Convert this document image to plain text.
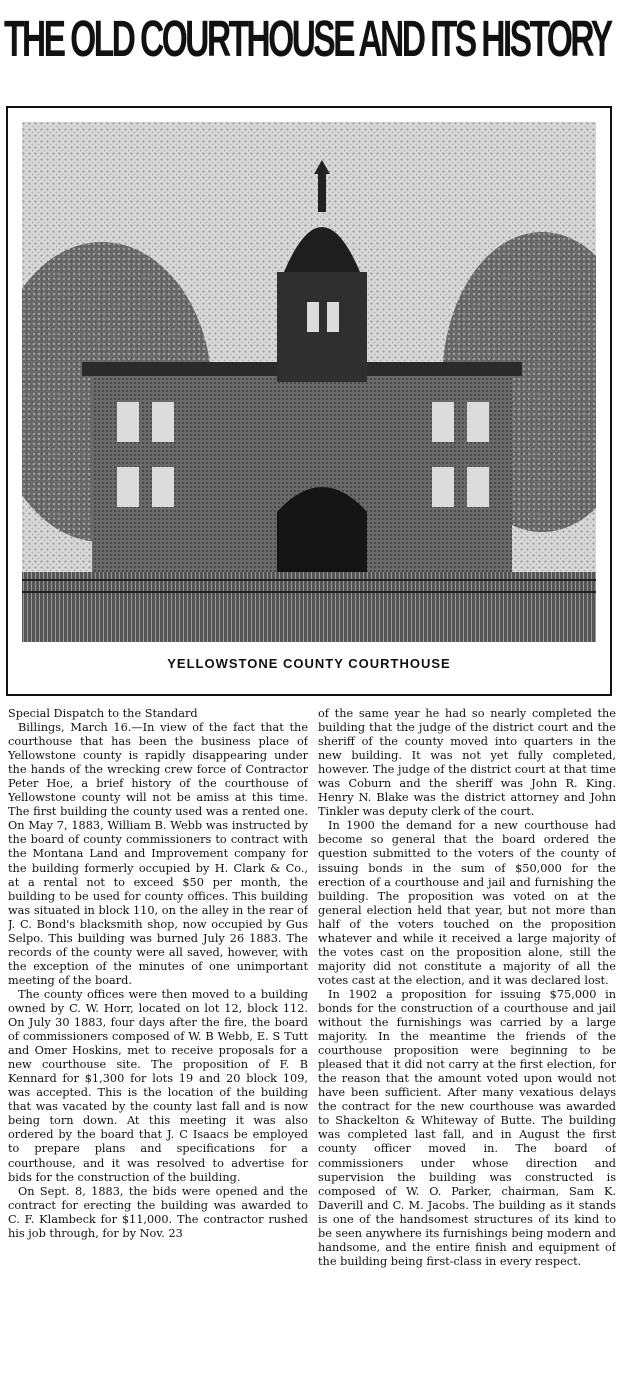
THE OLD COURTHOUSE AND ITS HISTORY
YELLOWSTONE COUNTY COURTHOUSE

Special Dispatch to the Standard

Billings, March 16.—In view of the fact that the courthouse that has been the business place of Yellowstone county is rapidly disappearing under the hands of the wrecking crew force of Contractor Peter Hoe, a brief history of the courthouse of Yellowstone county will not be amiss at this time. The first building the county used was a rented one. On May 7, 1883, William B. Webb was instructed by the board of county commissioners to contract with the Montana Land and Improvement company for the building formerly occupied by H. Clark & Co., at a rental not to exceed $50 per month, the building to be used for county offices. This building was situated in block 110, on the alley in the rear of J. C. Bond's blacksmith shop, now occupied by Gus Selpo. This building was burned July 26 1883. The records of the county were all saved, however, with the exception of the minutes of one unimportant meeting of the board.

The county offices were then moved to a building owned by C. W. Horr, located on lot 12, block 112. On July 30 1883, four days after the fire, the board of commissioners composed of W. B Webb, E. S Tutt and Omer Hoskins, met to receive proposals for a new courthouse site. The proposition of F. B Kennard for $1,300 for lots 19 and 20 block 109, was accepted. This is the location of the building that was vacated by the county last fall and is now being torn down. At this meeting it was also ordered by the board that J. C Isaacs be employed to prepare plans and specifications for a courthouse, and it was resolved to advertise for bids for the construction of the building.

On Sept. 8, 1883, the bids were opened and the contract for erecting the building was awarded to C. F. Klambeck for $11,000. The contractor rushed his job through, for by Nov. 23

of the same year he had so nearly completed the building that the judge of the district court and the sheriff of the county moved into quarters in the new building. It was not yet fully completed, however. The judge of the district court at that time was Coburn and the sheriff was John R. King. Henry N. Blake was the district attorney and John Tinkler was deputy clerk of the court.

In 1900 the demand for a new courthouse had become so general that the board ordered the question submitted to the voters of the county of issuing bonds in the sum of $50,000 for the erection of a courthouse and jail and furnishing the building. The proposition was voted on at the general election held that year, but not more than half of the voters touched on the proposition whatever and while it received a large majority of the votes cast on the proposition alone, still the majority did not constitute a majority of all the votes cast at the election, and it was declared lost.

In 1902 a proposition for issuing $75,000 in bonds for the construction of a courthouse and jail without the furnishings was carried by a large majority. In the meantime the friends of the courthouse proposition were beginning to be pleased that it did not carry at the first election, for the reason that the amount voted upon would not have been sufficient. After many vexatious delays the contract for the new courthouse was awarded to Shackelton & Whiteway of Butte. The building was completed last fall, and in August the first county officer moved in. The board of commissioners under whose direction and supervision the building was constructed is composed of W. O. Parker, chairman, Sam K. Daverill and C. M. Jacobs. The building as it stands is one of the handsomest structures of its kind to be seen anywhere its furnishings being modern and handsome, and the entire finish and equipment of the building being first-class in every respect.
